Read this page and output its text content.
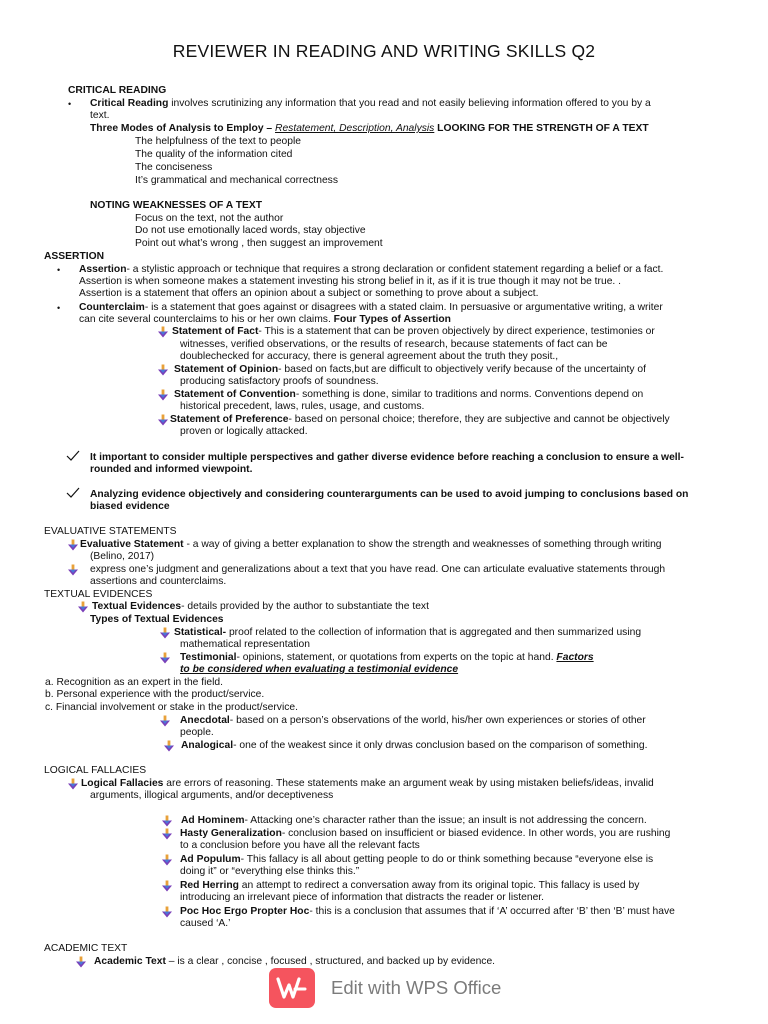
REVIEWER IN READING AND WRITING SKILLS Q2
CRITICAL READING
• Critical Reading involves scrutinizing any information that you read and not easily believing information offered to you by a
text.
Three Modes of Analysis to Employ – Restatement, Description, Analysis LOOKING FOR THE STRENGTH OF A TEXT
The helpfulness of the text to people
The quality of the information cited
The conciseness
It’s grammatical and mechanical correctness
NOTING WEAKNESSES OF A TEXT
Focus on the text, not the author
Do not use emotionally laced words, stay objective
Point out what’s wrong , then suggest an improvement
ASSERTION
• Assertion- a stylistic approach or technique that requires a strong declaration or confident statement regarding a belief or a fact.
Assertion is when someone makes a statement investing his strong belief in it, as if it is true though it may not be true. .
Assertion is a statement that offers an opinion about a subject or something to prove about a subject.
• Counterclaim- is a statement that goes against or disagrees with a stated claim. In persuasive or argumentative writing, a writer
can cite several counterclaims to his or her own claims. Four Types of Assertion
Statement of Fact- This is a statement that can be proven objectively by direct experience, testimonies or
witnesses, verified observations, or the results of research, because statements of fact can be
doublechecked for accuracy, there is general agreement about the truth they posit.,
Statement of Opinion- based on facts,but are difficult to objectively verify because of the uncertainty of
producing satisfactory proofs of soundness.
Statement of Convention- something is done, similar to traditions and norms. Conventions depend on
historical precedent, laws, rules, usage, and customs.
Statement of Preference- based on personal choice; therefore, they are subjective and cannot be objectively
proven or logically attacked.
It important to consider multiple perspectives and gather diverse evidence before reaching a conclusion to ensure a well-
rounded and informed viewpoint.
Analyzing evidence objectively and considering counterarguments can be used to avoid jumping to conclusions based on
biased evidence
EVALUATIVE STATEMENTS
Evaluative Statement - a way of giving a better explanation to show the strength and weaknesses of something through writing
(Belino, 2017)
express one’s judgment and generalizations about a text that you have read. One can articulate evaluative statements through
assertions and counterclaims.
TEXTUAL EVIDENCES
Textual Evidences- details provided by the author to substantiate the text
Types of Textual Evidences
Statistical- proof related to the collection of information that is aggregated and then summarized using
mathematical representation
Testimonial- opinions, statement, or quotations from experts on the topic at hand. Factors
to be considered when evaluating a testimonial evidence
a. Recognition as an expert in the field.
b. Personal experience with the product/service.
c. Financial involvement or stake in the product/service.
Anecdotal- based on a person’s observations of the world, his/her own experiences or stories of other
people.
Analogical- one of the weakest since it only drwas conclusion based on the comparison of something.
LOGICAL FALLACIES
Logical Fallacies are errors of reasoning. These statements make an argument weak by using mistaken beliefs/ideas, invalid
arguments, illogical arguments, and/or deceptiveness
Ad Hominem- Attacking one’s character rather than the issue; an insult is not addressing the concern.
Hasty Generalization- conclusion based on insufficient or biased evidence. In other words, you are rushing
to a conclusion before you have all the relevant facts
Ad Populum- This fallacy is all about getting people to do or think something because “everyone else is
doing it” or “everything else thinks this.”
Red Herring an attempt to redirect a conversation away from its original topic. This fallacy is used by
introducing an irrelevant piece of information that distracts the reader or listener.
Poc Hoc Ergo Propter Hoc- this is a conclusion that assumes that if ‘A’ occurred after ‘B’ then ‘B’ must have
caused ‘A.’
ACADEMIC TEXT
Academic Text – is a clear , concise , focused , structured, and backed up by evidence.
Edit with WPS Office
